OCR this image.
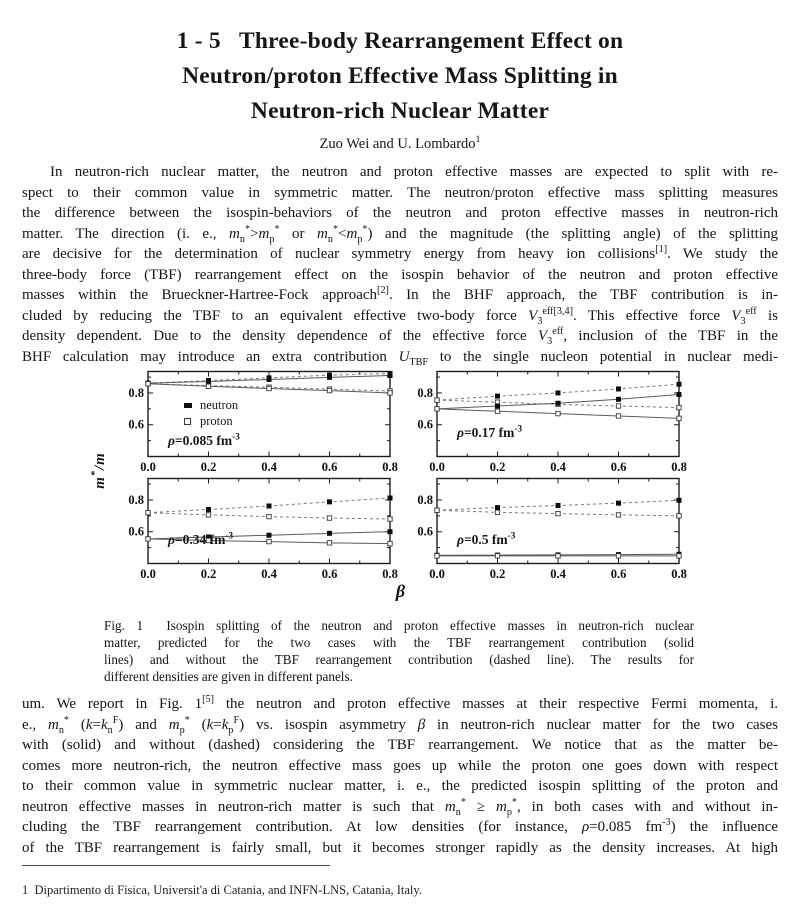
1 - 5   Three-body Rearrangement Effect on
Neutron/proton Effective Mass Splitting in
Neutron-rich Nuclear Matter
Zuo Wei and U. Lombardo$^1$
In neutron-rich nuclear matter, the neutron and proton effective masses are expected to split with re-
spect to their common value in symmetric matter. The neutron/proton effective mass splitting measures
the difference between the isospin-behaviors of the neutron and proton effective masses in neutron-rich
matter. The direction (i. e., $m_n^*>m_p^*$ or $m_n^*<m_p^*$) and the magnitude (the splitting angle) of the splitting
are decisive for the determination of nuclear symmetry energy from heavy ion collisions[1]. We study the
three-body force (TBF) rearrangement effect on the isospin behavior of the neutron and proton effective
masses within the Brueckner-Hartree-Fock approach[2]. In the BHF approach, the TBF contribution is in-
cluded by reducing the TBF to an equivalent effective two-body force $V_3^{eff[3,4]}$. This effective force $V_3^{eff}$ is
density dependent. Due to the density dependence of the effective force $V_3^{eff}$, inclusion of the TBF in the
BHF calculation may introduce an extra contribution $U_{TBF}$ to the single nucleon potential in nuclear medi-
m*/m
0.0	0.2	0.4	0.6	0.8
0.8
0.6
neutron
proton
ρ=0.085 $fm^{-3}$
0.0	0.2	0.4	0.6	0.8
0.8
0.6
ρ=0.17 $fm^{-3}$
0.0	0.2	0.4	0.6	0.8
0.8
0.6
ρ=0.34 $fm^{-3}$
0.0	0.2	0.4	0.6	0.8
0.8
0.6
ρ=0.5 $fm^{-3}$
β
Fig. 1  Isospin splitting of the neutron and proton effective masses in neutron-rich nuclear
matter, predicted for the two cases with the TBF rearrangement contribution (solid
lines) and without the TBF rearrangement contribution (dashed line). The results for
different densities are given in different panels.
um. We report in Fig. 1[5] the neutron and proton effective masses at their respective Fermi momenta, i.
e., $m_n^*$ $(k=k_n^F)$ and $m_p^*$ $(k=k_p^F)$ vs. isospin asymmetry β in neutron-rich nuclear matter for the two cases
with (solid) and without (dashed) considering the TBF rearrangement. We notice that as the matter be-
comes more neutron-rich, the neutron effective mass goes up while the proton one goes down with respect
to their common value in symmetric nuclear matter, i. e., the predicted isospin splitting of the proton and
neutron effective masses in neutron-rich matter is such that $m_n^* \ge m_p^*$, in both cases with and without in-
cluding the TBF rearrangement contribution. At low densities (for instance, ρ=0.085 $fm^{-3}$) the influence
of the TBF rearrangement is fairly small, but it becomes stronger rapidly as the density increases. At high
1  Dipartimento di Fisica, Universit'a di Catania, and INFN-LNS, Catania, Italy.
